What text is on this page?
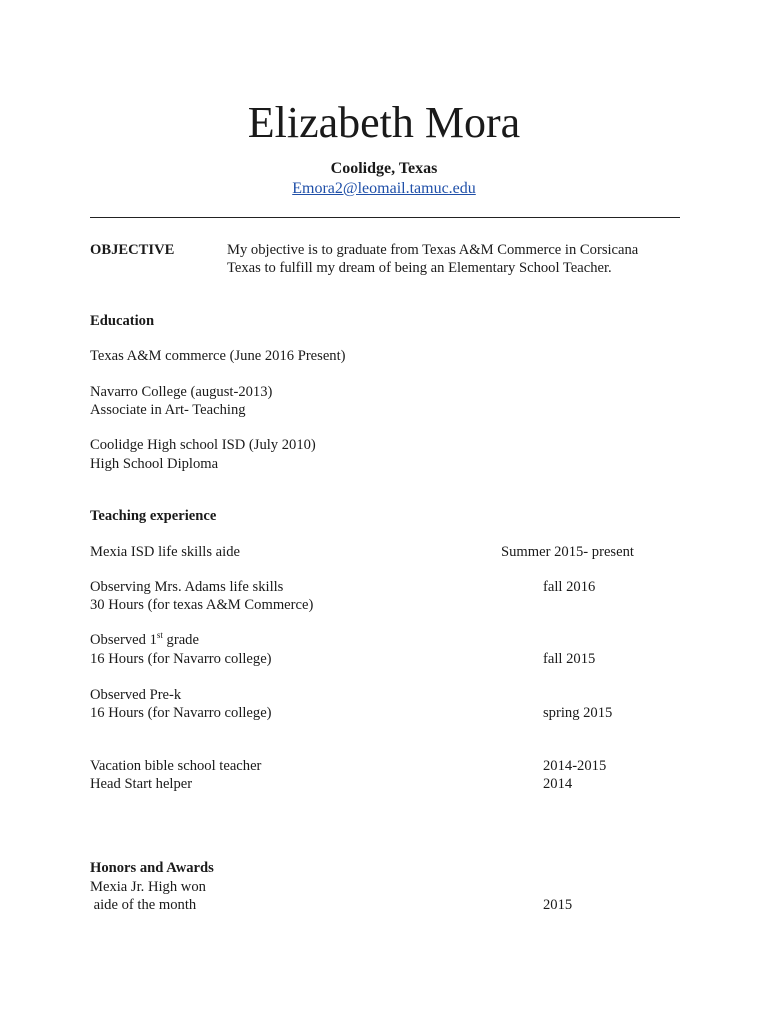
Elizabeth Mora
Coolidge, Texas
Emora2@leomail.tamuc.edu
OBJECTIVE	My objective is to graduate from Texas A&M Commerce in Corsicana
Texas to fulfill my dream of being an Elementary School Teacher.
Education
Texas A&M commerce (June 2016 Present)
Navarro College (august-2013)
Associate in Art- Teaching
Coolidge High school ISD (July 2010)
High School Diploma
Teaching experience
Mexia ISD life skills aide	Summer 2015- present
Observing Mrs. Adams life skills	fall 2016
30 Hours (for texas A&M Commerce)
Observed 1st grade
16 Hours (for Navarro college)	fall 2015
Observed Pre-k
16 Hours (for Navarro college)	spring 2015
Vacation bible school teacher	2014-2015
Head Start helper	2014
Honors and Awards
Mexia Jr. High won
aide of the month	2015
